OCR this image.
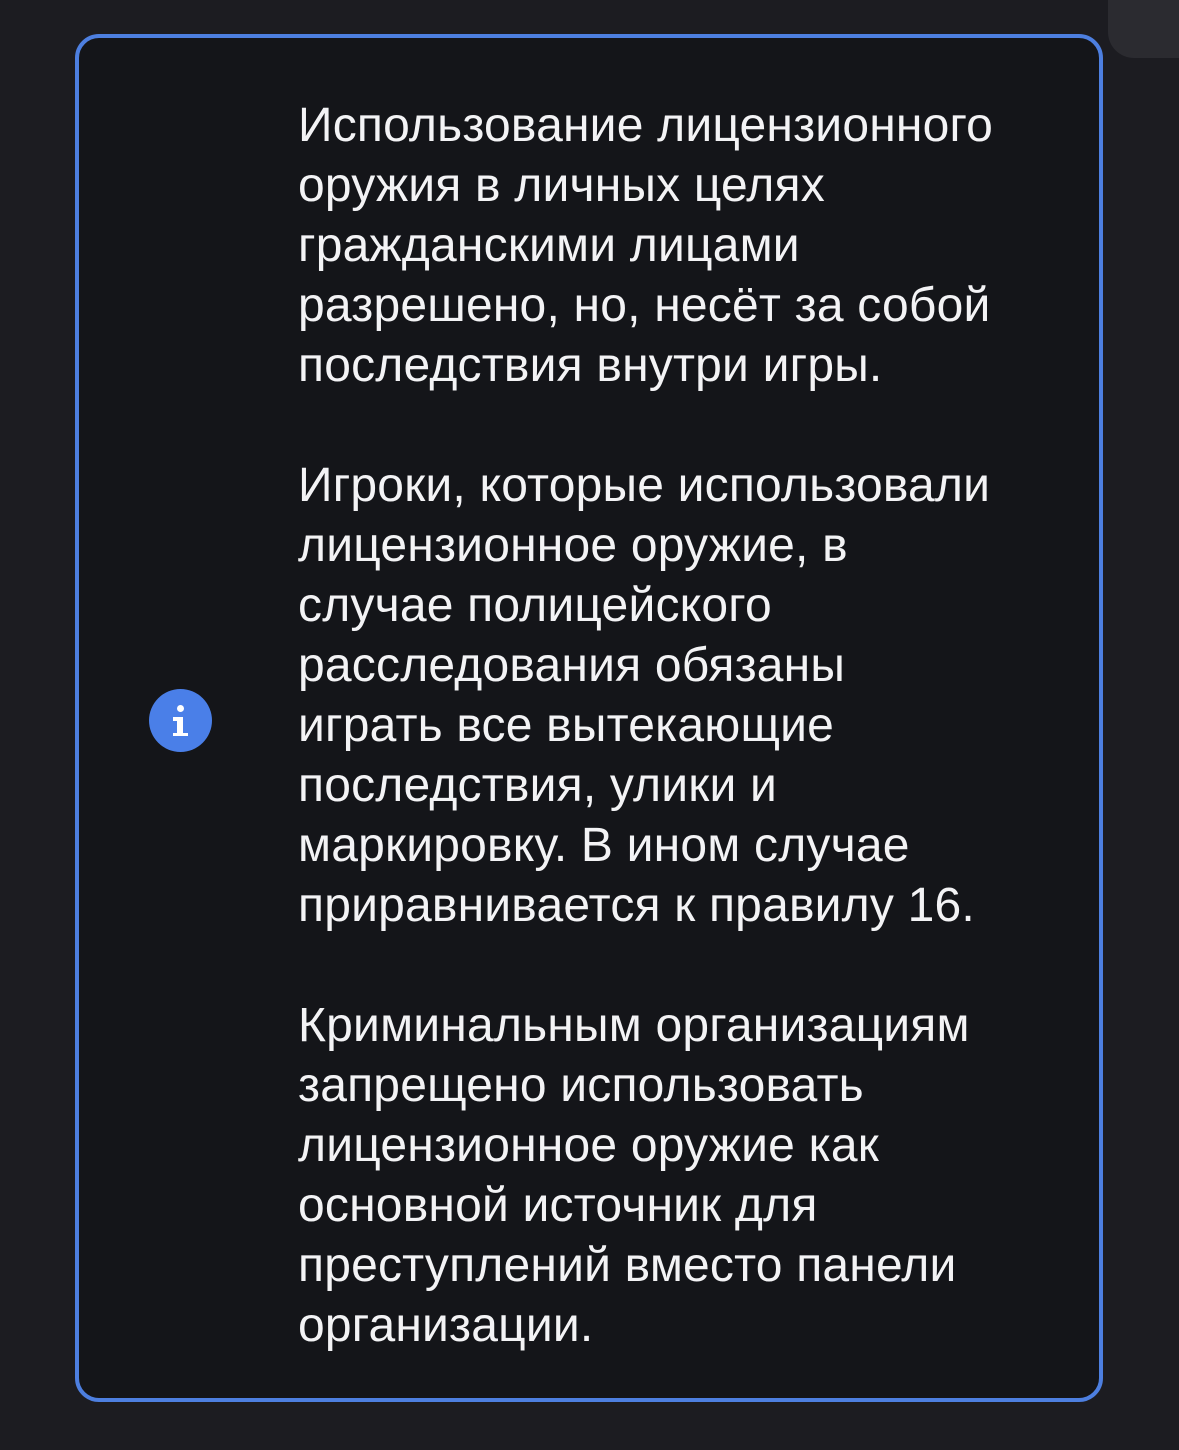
Использование лицензионного
оружия в личных целях
гражданскими лицами
разрешено, но, несёт за собой
последствия внутри игры.

Игроки, которые использовали
лицензионное оружие, в
случае полицейского
расследования обязаны
играть все вытекающие
последствия, улики и
маркировку. В ином случае
приравнивается к правилу 16.

Криминальным организациям
запрещено использовать
лицензионное оружие как
основной источник для
преступлений вместо панели
организации.
